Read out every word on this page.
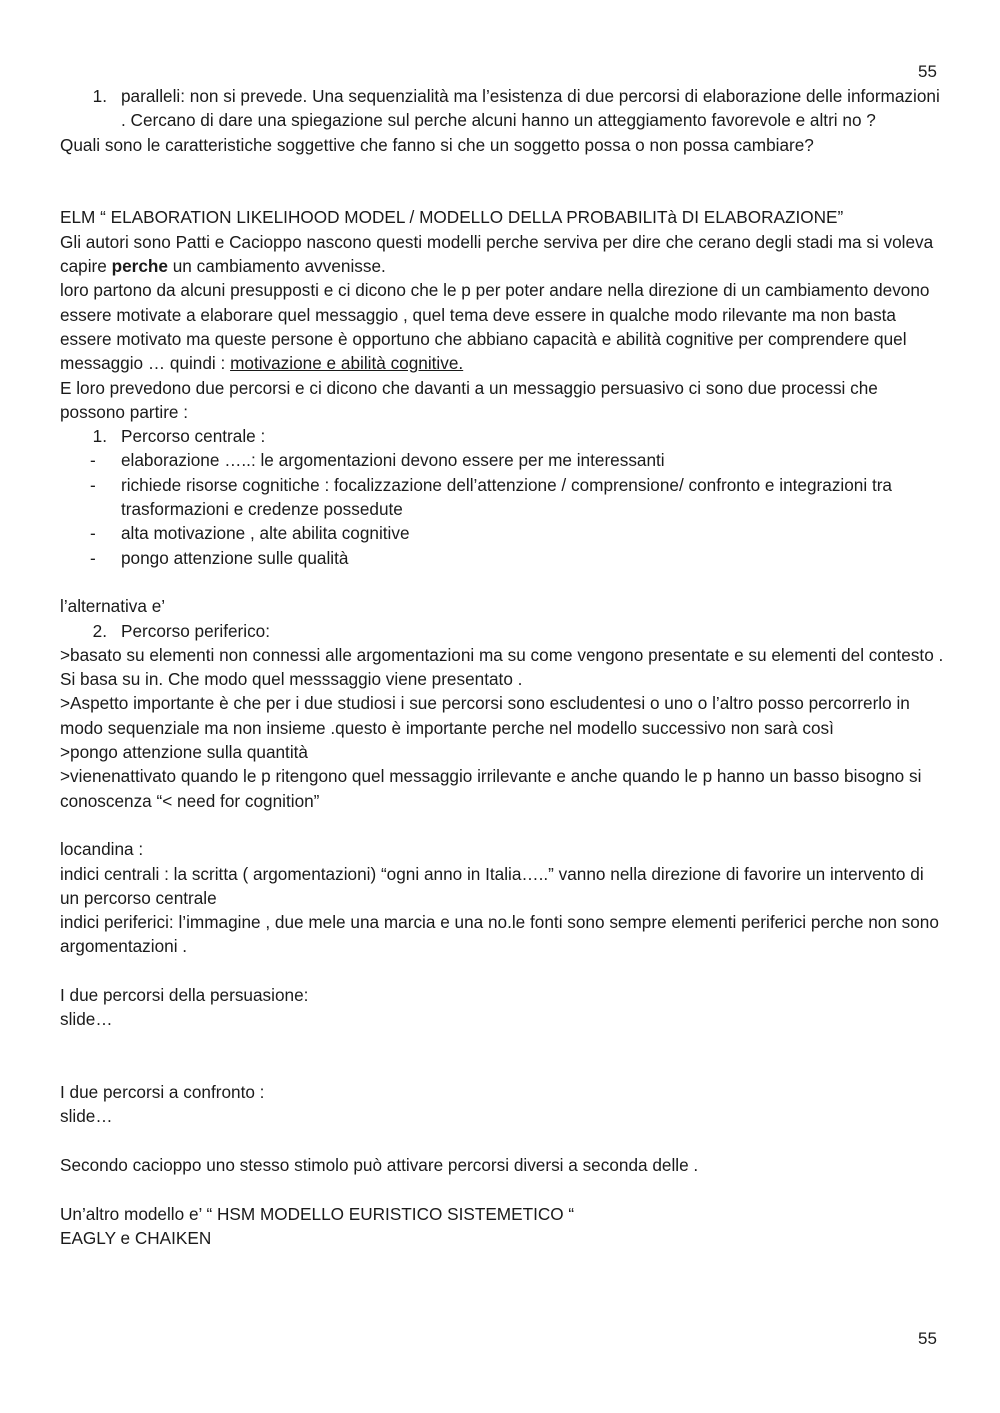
55
1. paralleli: non si prevede. Una sequenzialità ma l’esistenza di due percorsi di elaborazione delle informazioni . Cercano di dare una spiegazione sul perche alcuni hanno un atteggiamento favorevole e altri no ?

Quali sono le caratteristiche soggettive che fanno si che un soggetto possa o non possa cambiare?

ELM “ ELABORATION LIKELIHOOD MODEL / MODELLO DELLA PROBABILITà DI ELABORAZIONE”

Gli autori sono Patti e Cacioppo nascono questi modelli perche serviva per dire che cerano degli stadi ma si voleva capire perche un cambiamento avvenisse.

loro partono da alcuni presupposti e ci dicono che le p per poter andare nella direzione di un cambiamento devono essere motivate a elaborare quel messaggio , quel tema deve essere in qualche modo rilevante ma non basta essere motivato ma queste persone è opportuno che abbiano capacità e abilità cognitive per comprendere quel messaggio … quindi : motivazione e abilità cognitive.

E loro prevedono due percorsi e ci dicono che davanti a un messaggio persuasivo ci sono due processi che possono partire :

1. Percorso centrale :
-	elaborazione …..: le argomentazioni devono essere per me interessanti
-	richiede risorse cognitiche : focalizzazione dell’attenzione / comprensione/ confronto e integrazioni tra trasformazioni e credenze possedute
-	alta motivazione , alte abilita cognitive
-	pongo attenzione sulle qualità

l’alternativa e’

2. Percorso periferico:

>basato su elementi non connessi alle argomentazioni ma su come vengono presentate e su elementi del contesto . Si basa su in. Che modo quel messsaggio viene presentato .

>Aspetto importante è che per i due studiosi i sue percorsi sono escludentesi o uno o l’altro posso percorrerlo in modo sequenziale ma non insieme .questo è importante perche nel modello successivo non sarà così

>pongo attenzione sulla quantità

>vienenattivato quando le p ritengono quel messaggio irrilevante e anche quando le p hanno un basso bisogno si conoscenza “< need for cognition”

locandina :

indici centrali : la scritta ( argomentazioni) “ogni anno in Italia…..” vanno nella direzione di favorire un intervento di un percorso centrale

indici periferici: l’immagine , due mele una marcia e una no.le fonti sono sempre elementi periferici perche non sono argomentazioni .

I due percorsi della persuasione:

slide…

I due percorsi a confronto :

slide…

Secondo cacioppo uno stesso stimolo può attivare percorsi diversi a seconda delle .

Un’altro modello e’ “ HSM MODELLO EURISTICO SISTEMETICO “

EAGLY e CHAIKEN

55
